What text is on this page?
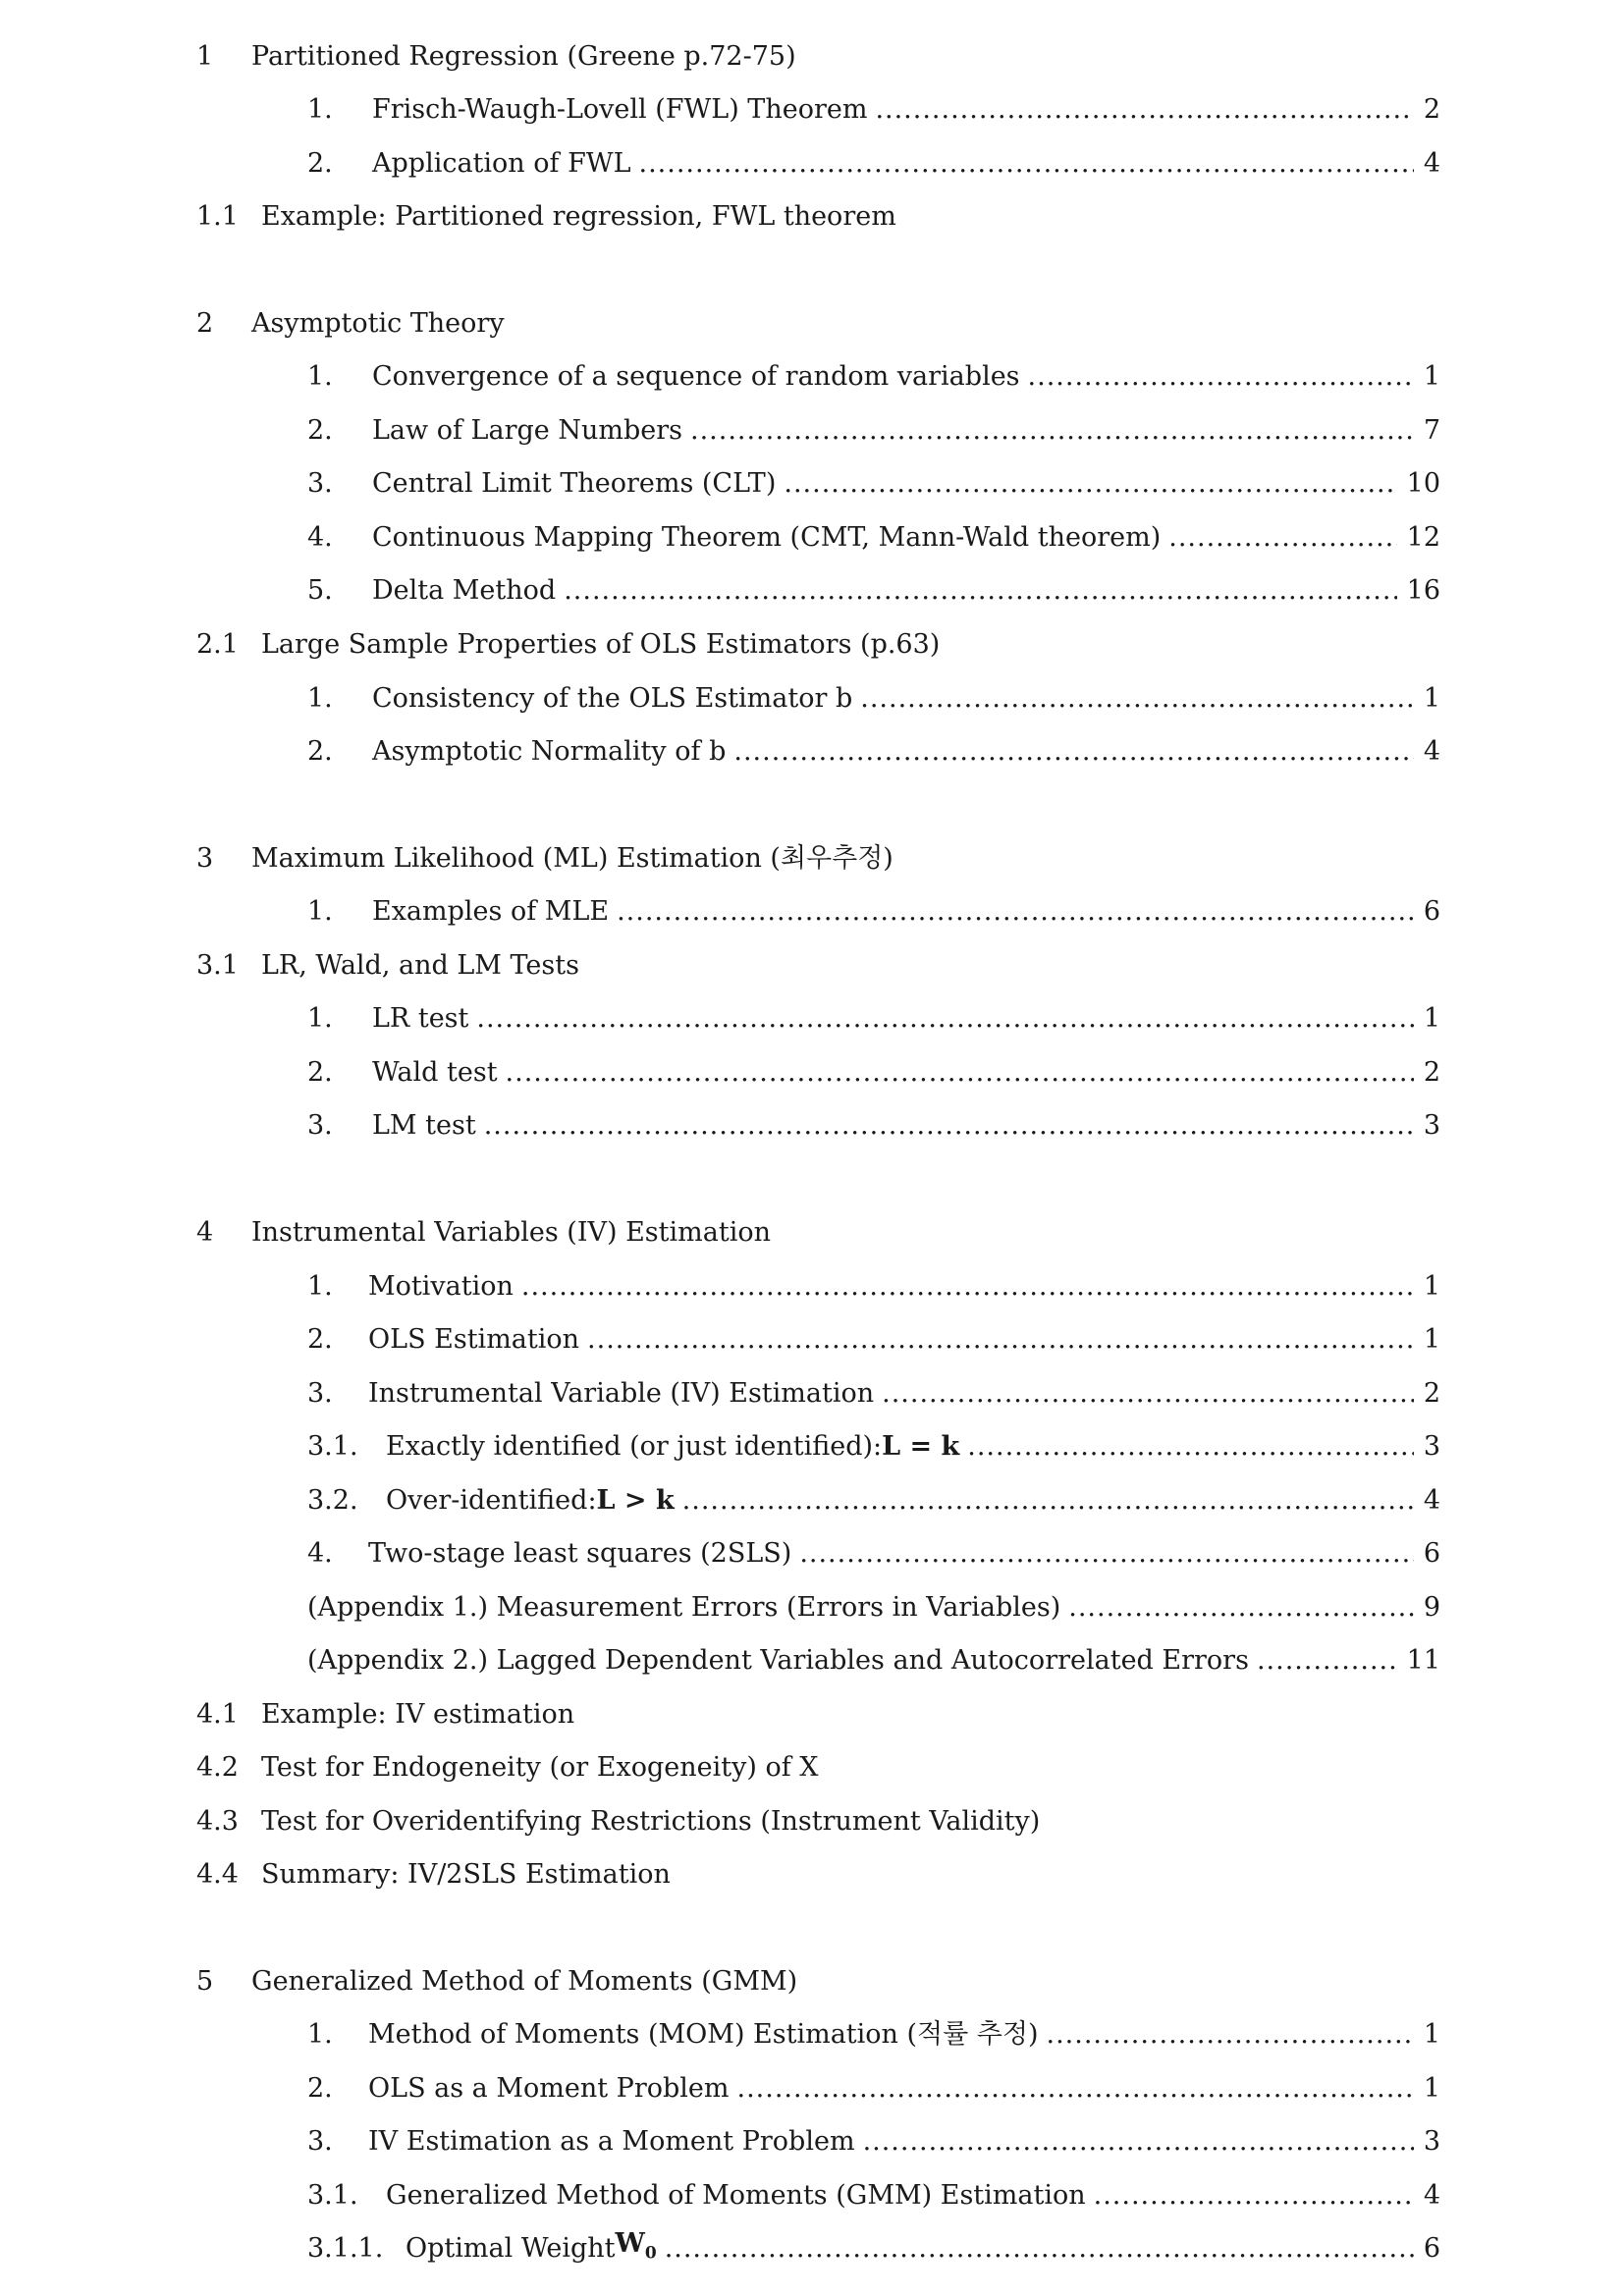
1	Partitioned Regression (Greene p.72-75)
1.	Frisch-Waugh-Lovell (FWL) Theorem .....	2
2.	Application of FWL .....	4
1.1 Example: Partitioned regression, FWL theorem
2	Asymptotic Theory
1.	Convergence of a sequence of random variables .....	1
2.	Law of Large Numbers .....	7
3.	Central Limit Theorems (CLT) .....	10
4.	Continuous Mapping Theorem (CMT, Mann-Wald theorem) .....	12
5.	Delta Method .....	16
2.1 Large Sample Properties of OLS Estimators (p.63)
1.	Consistency of the OLS Estimator b .....	1
2.	Asymptotic Normality of b .....	4
3	Maximum Likelihood (ML) Estimation (최우추정)
1.	Examples of MLE .....	6
3.1 LR, Wald, and LM Tests
1.	LR test .....	1
2.	Wald test .....	2
3.	LM test .....	3
4	Instrumental Variables (IV) Estimation
1.	Motivation .....	1
2.	OLS Estimation .....	1
3.	Instrumental Variable (IV) Estimation .....	2
3.1.	Exactly identified (or just identified): L = k .....	3
3.2.	Over-identified: L > k .....	4
4.	Two-stage least squares (2SLS) .....	6
(Appendix 1.) Measurement Errors (Errors in Variables) .....	9
(Appendix 2.) Lagged Dependent Variables and Autocorrelated Errors .....	11
4.1 Example: IV estimation
4.2 Test for Endogeneity (or Exogeneity) of X
4.3 Test for Overidentifying Restrictions (Instrument Validity)
4.4 Summary: IV/2SLS Estimation
5	Generalized Method of Moments (GMM)
1.	Method of Moments (MOM) Estimation (적률 추정) .....	1
2.	OLS as a Moment Problem .....	1
3.	IV Estimation as a Moment Problem .....	3
3.1.	Generalized Method of Moments (GMM) Estimation .....	4
3.1.1. Optimal Weight $W_0$ .....	6
